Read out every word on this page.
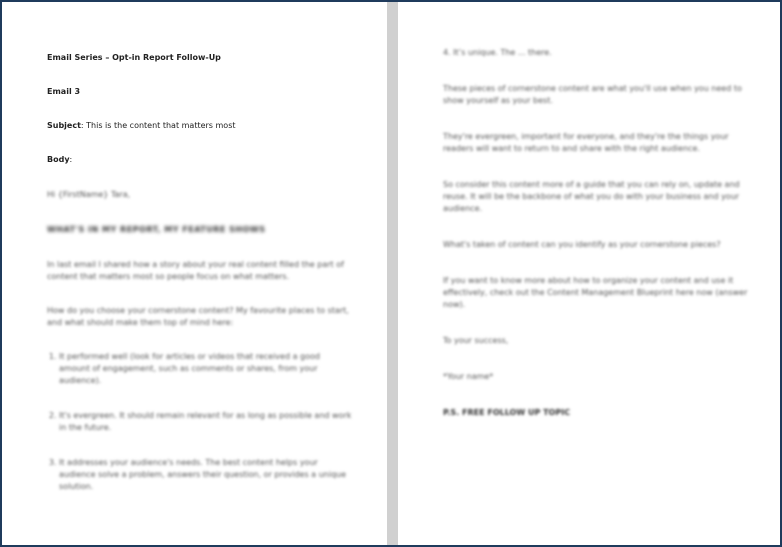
Email Series – Opt-in Report Follow-Up

Email 3

Subject: This is the content that matters most

Body:

Hi {FirstName} Tara,

WHAT'S IN MY REPORT, MY FEATURE SHOWS

In last email I shared how a story about your real content filled the part of content that matters most so people focus on what matters.

How do you choose your cornerstone content? My favourite places to start, and what should make them top of mind here:

1. It performed well (look for articles or videos that received a good amount of engagement, such as comments or shares, from your audience).
2. It's evergreen. It should remain relevant for as long as possible and work in the future.
3. It addresses your audience's needs. The best content helps your audience solve a problem, answers their question, or provides a unique solution.

4. It’s unique. The ... there.

These pieces of cornerstone content are what you'll use when you need to show yourself as your best.

They're evergreen, important for everyone, and they're the things your readers will want to return to and share with the right audience.

So consider this content more of a guide that you can rely on, update and reuse. It will be the backbone of what you do with your business and your audience.

What's taken of content can you identify as your cornerstone pieces?

If you want to know more about how to organize your content and use it effectively, check out the Content Management Blueprint here now (answer now).

To your success,

*Your name*

P.S. FREE FOLLOW UP TOPIC
